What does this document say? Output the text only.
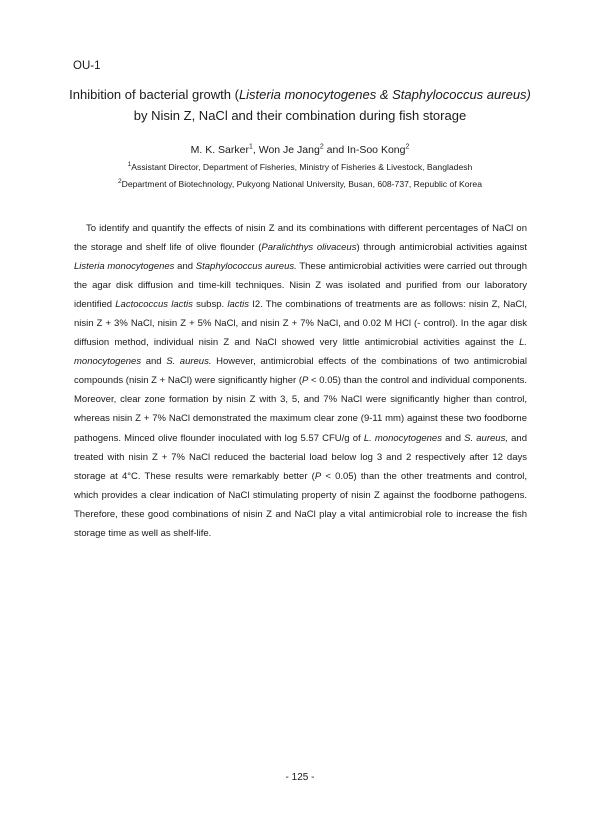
OU-1
Inhibition of bacterial growth (Listeria monocytogenes & Staphylococcus aureus)
by Nisin Z, NaCl and their combination during fish storage
M. K. Sarker$^1$, Won Je Jang$^2$ and In-Soo Kong$^2$
$^1$Assistant Director, Department of Fisheries, Ministry of Fisheries & Livestock, Bangladesh
$^2$Department of Biotechnology, Pukyong National University, Busan, 608-737, Republic of Korea

To identify and quantify the effects of nisin Z and its combinations with different percentages of NaCl on the storage and shelf life of olive flounder (Paralichthys olivaceus) through antimicrobial activities against Listeria monocytogenes and Staphylococcus aureus. These antimicrobial activities were carried out through the agar disk diffusion and time-kill techniques. Nisin Z was isolated and purified from our laboratory identified Lactococcus lactis subsp. lactis I2. The combinations of treatments are as follows: nisin Z, NaCl, nisin Z + 3% NaCl, nisin Z + 5% NaCl, and nisin Z + 7% NaCl, and 0.02 M HCl (- control). In the agar disk diffusion method, individual nisin Z and NaCl showed very little antimicrobial activities against the L. monocytogenes and S. aureus. However, antimicrobial effects of the combinations of two antimicrobial compounds (nisin Z + NaCl) were significantly higher (P < 0.05) than the control and individual components. Moreover, clear zone formation by nisin Z with 3, 5, and 7% NaCl were significantly higher than control, whereas nisin Z + 7% NaCl demonstrated the maximum clear zone (9-11 mm) against these two foodborne pathogens. Minced olive flounder inoculated with log 5.57 CFU/g of L. monocytogenes and S. aureus, and treated with nisin Z + 7% NaCl reduced the bacterial load below log 3 and 2 respectively after 12 days storage at 4°C. These results were remarkably better (P < 0.05) than the other treatments and control, which provides a clear indication of NaCl stimulating property of nisin Z against the foodborne pathogens. Therefore, these good combinations of nisin Z and NaCl play a vital antimicrobial role to increase the fish storage time as well as shelf-life.

- 125 -
